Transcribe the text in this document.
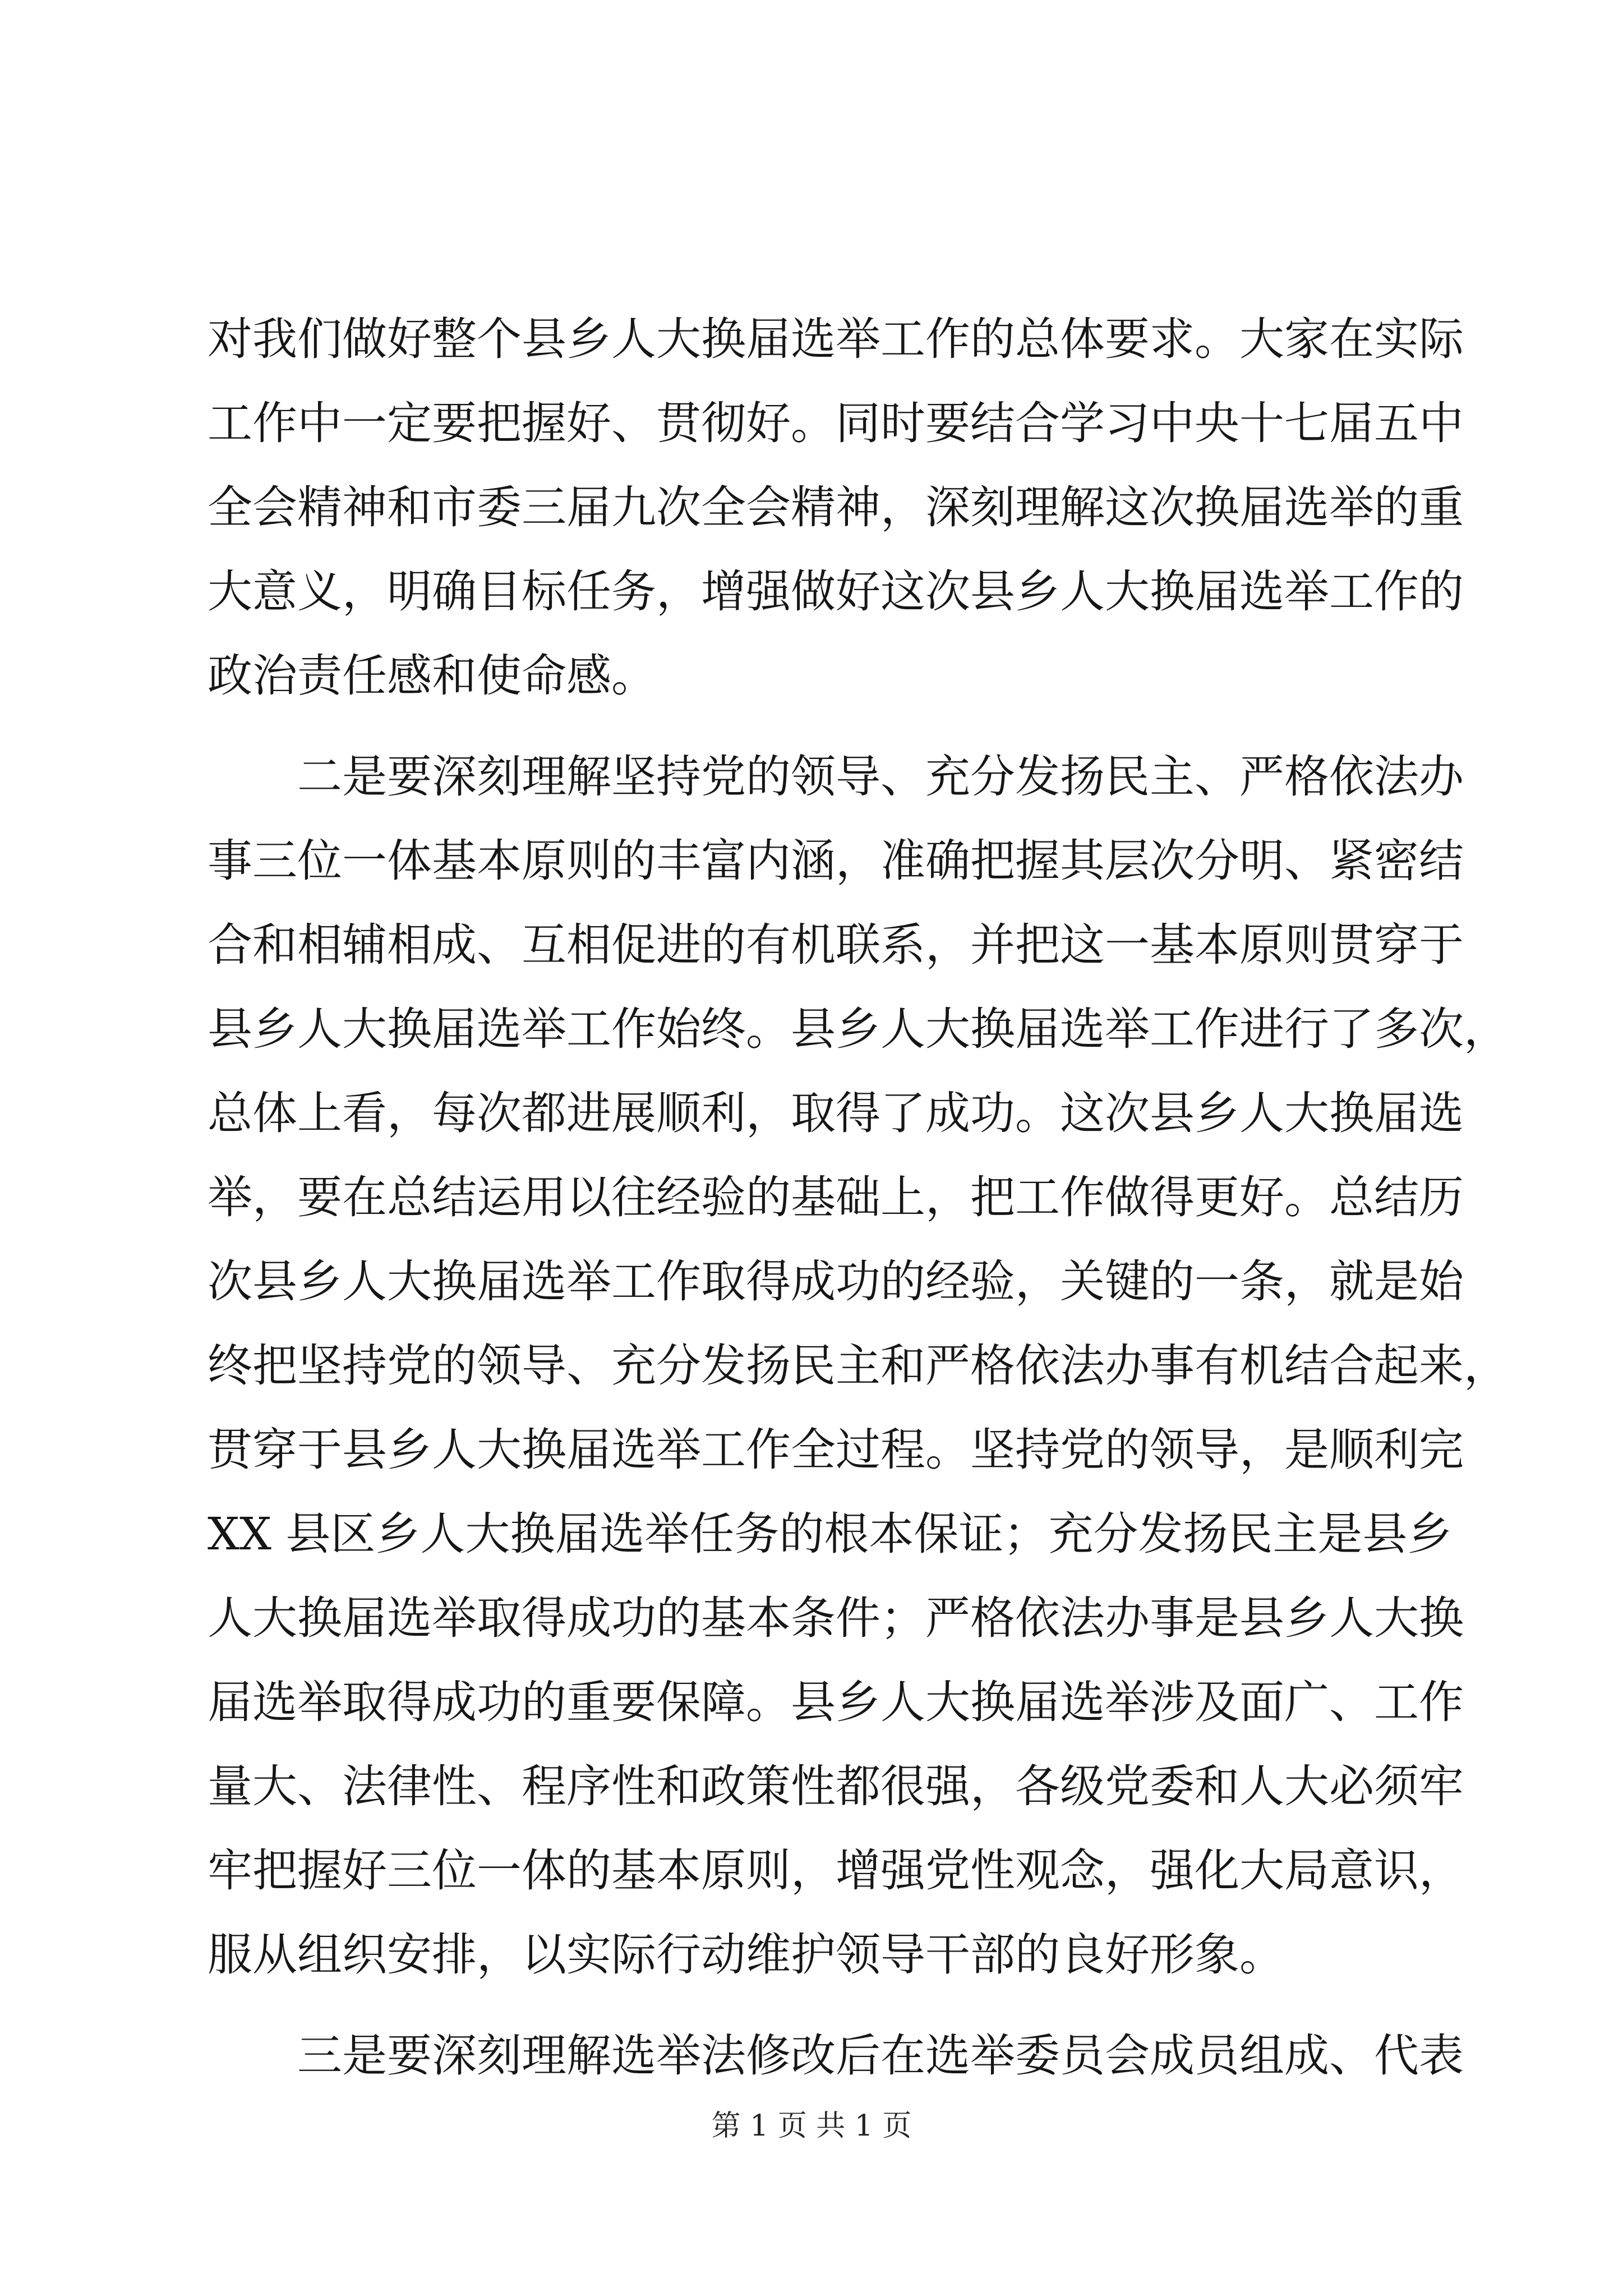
对我们做好整个县乡人大换届选举工作的总体要求。大家在实际
工作中一定要把握好、贯彻好。同时要结合学习中央十七届五中
全会精神和市委三届九次全会精神，深刻理解这次换届选举的重
大意义，明确目标任务，增强做好这次县乡人大换届选举工作的
政治责任感和使命感。
二是要深刻理解坚持党的领导、充分发扬民主、严格依法办
事三位一体基本原则的丰富内涵，准确把握其层次分明、紧密结
合和相辅相成、互相促进的有机联系，并把这一基本原则贯穿于
县乡人大换届选举工作始终。县乡人大换届选举工作进行了多次，
总体上看，每次都进展顺利，取得了成功。这次县乡人大换届选
举，要在总结运用以往经验的基础上，把工作做得更好。总结历
次县乡人大换届选举工作取得成功的经验，关键的一条，就是始
终把坚持党的领导、充分发扬民主和严格依法办事有机结合起来，
贯穿于县乡人大换届选举工作全过程。坚持党的领导，是顺利完
XX 县区乡人大换届选举任务的根本保证；充分发扬民主是县乡
人大换届选举取得成功的基本条件；严格依法办事是县乡人大换
届选举取得成功的重要保障。县乡人大换届选举涉及面广、工作
量大、法律性、程序性和政策性都很强，各级党委和人大必须牢
牢把握好三位一体的基本原则，增强党性观念，强化大局意识，
服从组织安排，以实际行动维护领导干部的良好形象。
三是要深刻理解选举法修改后在选举委员会成员组成、代表
第 1 页 共 1 页
